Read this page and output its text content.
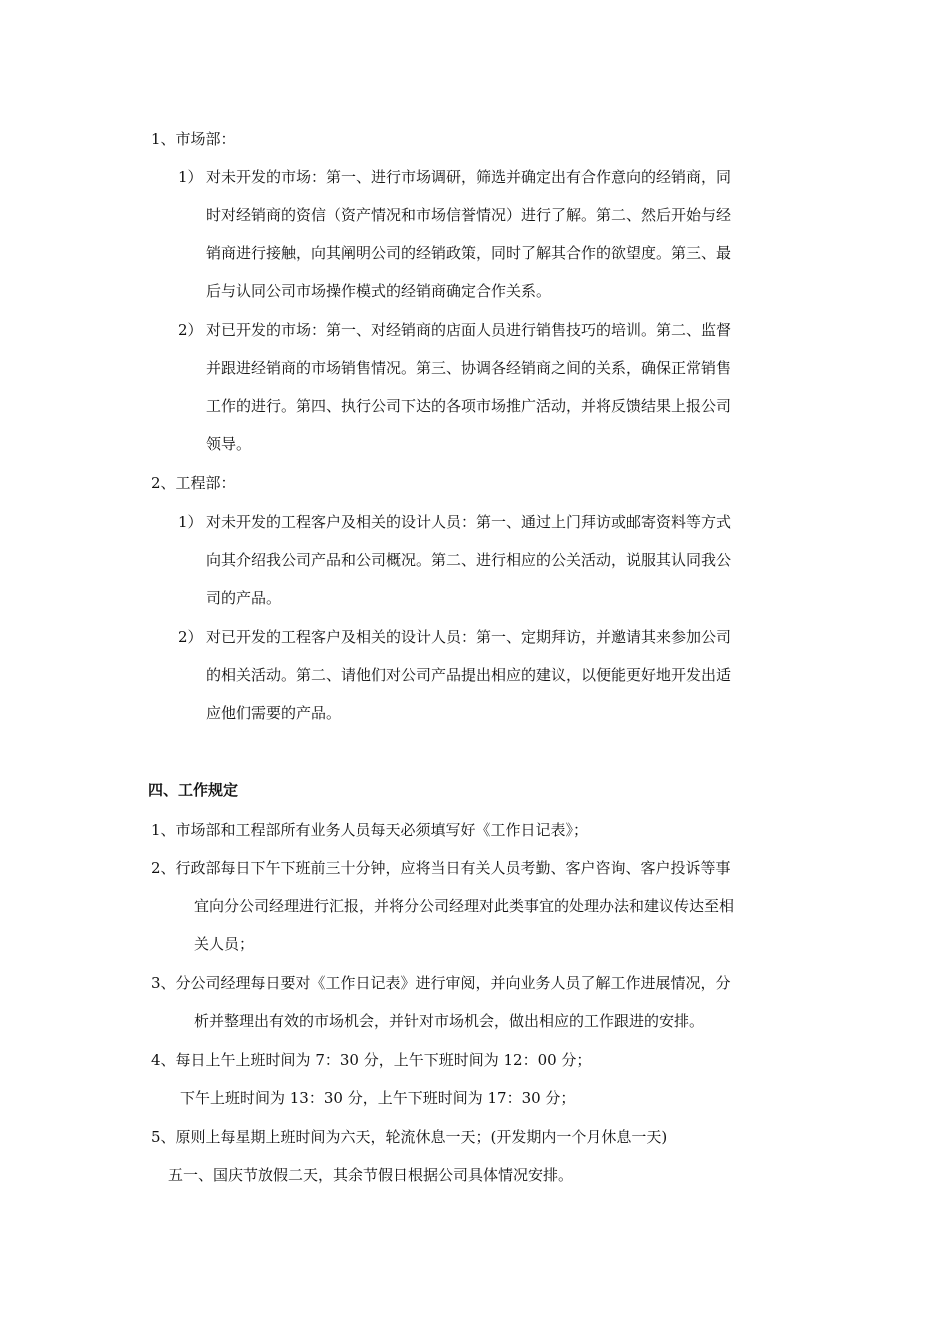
1、市场部：
1） 对未开发的市场：第一、进行市场调研，筛选并确定出有合作意向的经销商，同
时对经销商的资信（资产情况和市场信誉情况）进行了解。第二、然后开始与经
销商进行接触，向其阐明公司的经销政策，同时了解其合作的欲望度。第三、最
后与认同公司市场操作模式的经销商确定合作关系。
2） 对已开发的市场：第一、对经销商的店面人员进行销售技巧的培训。第二、监督
并跟进经销商的市场销售情况。第三、协调各经销商之间的关系，确保正常销售
工作的进行。第四、执行公司下达的各项市场推广活动，并将反馈结果上报公司
领导。
2、工程部：
1） 对未开发的工程客户及相关的设计人员：第一、通过上门拜访或邮寄资料等方式
向其介绍我公司产品和公司概况。第二、进行相应的公关活动，说服其认同我公
司的产品。
2） 对已开发的工程客户及相关的设计人员：第一、定期拜访，并邀请其来参加公司
的相关活动。第二、请他们对公司产品提出相应的建议，以便能更好地开发出适
应他们需要的产品。
四、工作规定
1、市场部和工程部所有业务人员每天必须填写好《工作日记表》；
2、行政部每日下午下班前三十分钟，应将当日有关人员考勤、客户咨询、客户投诉等事
宜向分公司经理进行汇报，并将分公司经理对此类事宜的处理办法和建议传达至相
关人员；
3、分公司经理每日要对《工作日记表》进行审阅，并向业务人员了解工作进展情况，分
析并整理出有效的市场机会，并针对市场机会，做出相应的工作跟进的安排。
4、每日上午上班时间为 7：30 分，上午下班时间为 12：00 分；
下午上班时间为 13：30 分，上午下班时间为 17：30 分；
5、原则上每星期上班时间为六天，轮流休息一天；(开发期内一个月休息一天)
五一、国庆节放假二天，其余节假日根据公司具体情况安排。
